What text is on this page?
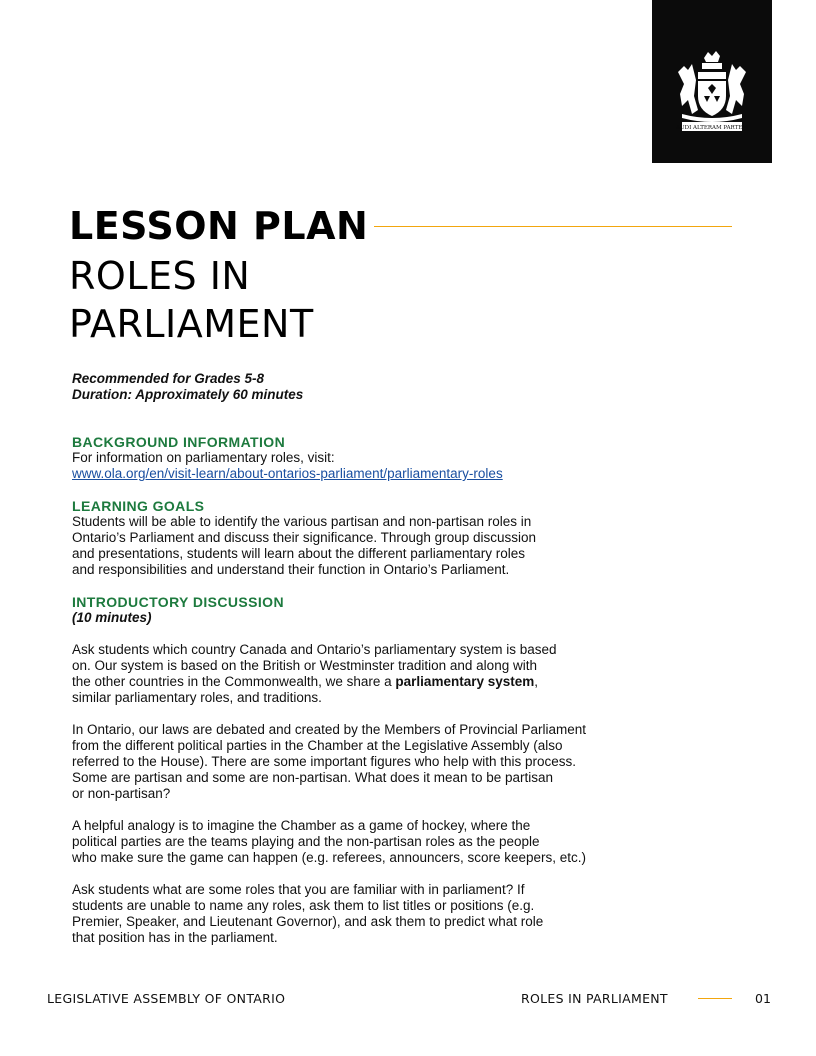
AUDI ALTERAM PARTEM
LESSON PLAN
ROLES IN
PARLIAMENT
Recommended for Grades 5-8
Duration: Approximately 60 minutes
BACKGROUND INFORMATION

For information on parliamentary roles, visit:

www.ola.org/en/visit-learn/about-ontarios-parliament/parliamentary-roles
LEARNING GOALS

Students will be able to identify the various partisan and non-partisan roles in

Ontario’s Parliament and discuss their significance. Through group discussion

and presentations, students will learn about the different parliamentary roles

and responsibilities and understand their function in Ontario’s Parliament.

INTRODUCTORY DISCUSSION

(10 minutes)

Ask students which country Canada and Ontario’s parliamentary system is based

on. Our system is based on the British or Westminster tradition and along with

the other countries in the Commonwealth, we share a parliamentary system,

similar parliamentary roles, and traditions.

In Ontario, our laws are debated and created by the Members of Provincial Parliament

from the different political parties in the Chamber at the Legislative Assembly (also

referred to the House). There are some important figures who help with this process.

Some are partisan and some are non-partisan. What does it mean to be partisan

or non-partisan?

A helpful analogy is to imagine the Chamber as a game of hockey, where the

political parties are the teams playing and the non-partisan roles as the people

who make sure the game can happen (e.g. referees, announcers, score keepers, etc.)

Ask students what are some roles that you are familiar with in parliament? If

students are unable to name any roles, ask them to list titles or positions (e.g.

Premier, Speaker, and Lieutenant Governor), and ask them to predict what role

that position has in the parliament.

LEGISLATIVE ASSEMBLY OF ONTARIO	ROLES IN PARLIAMENT	01
